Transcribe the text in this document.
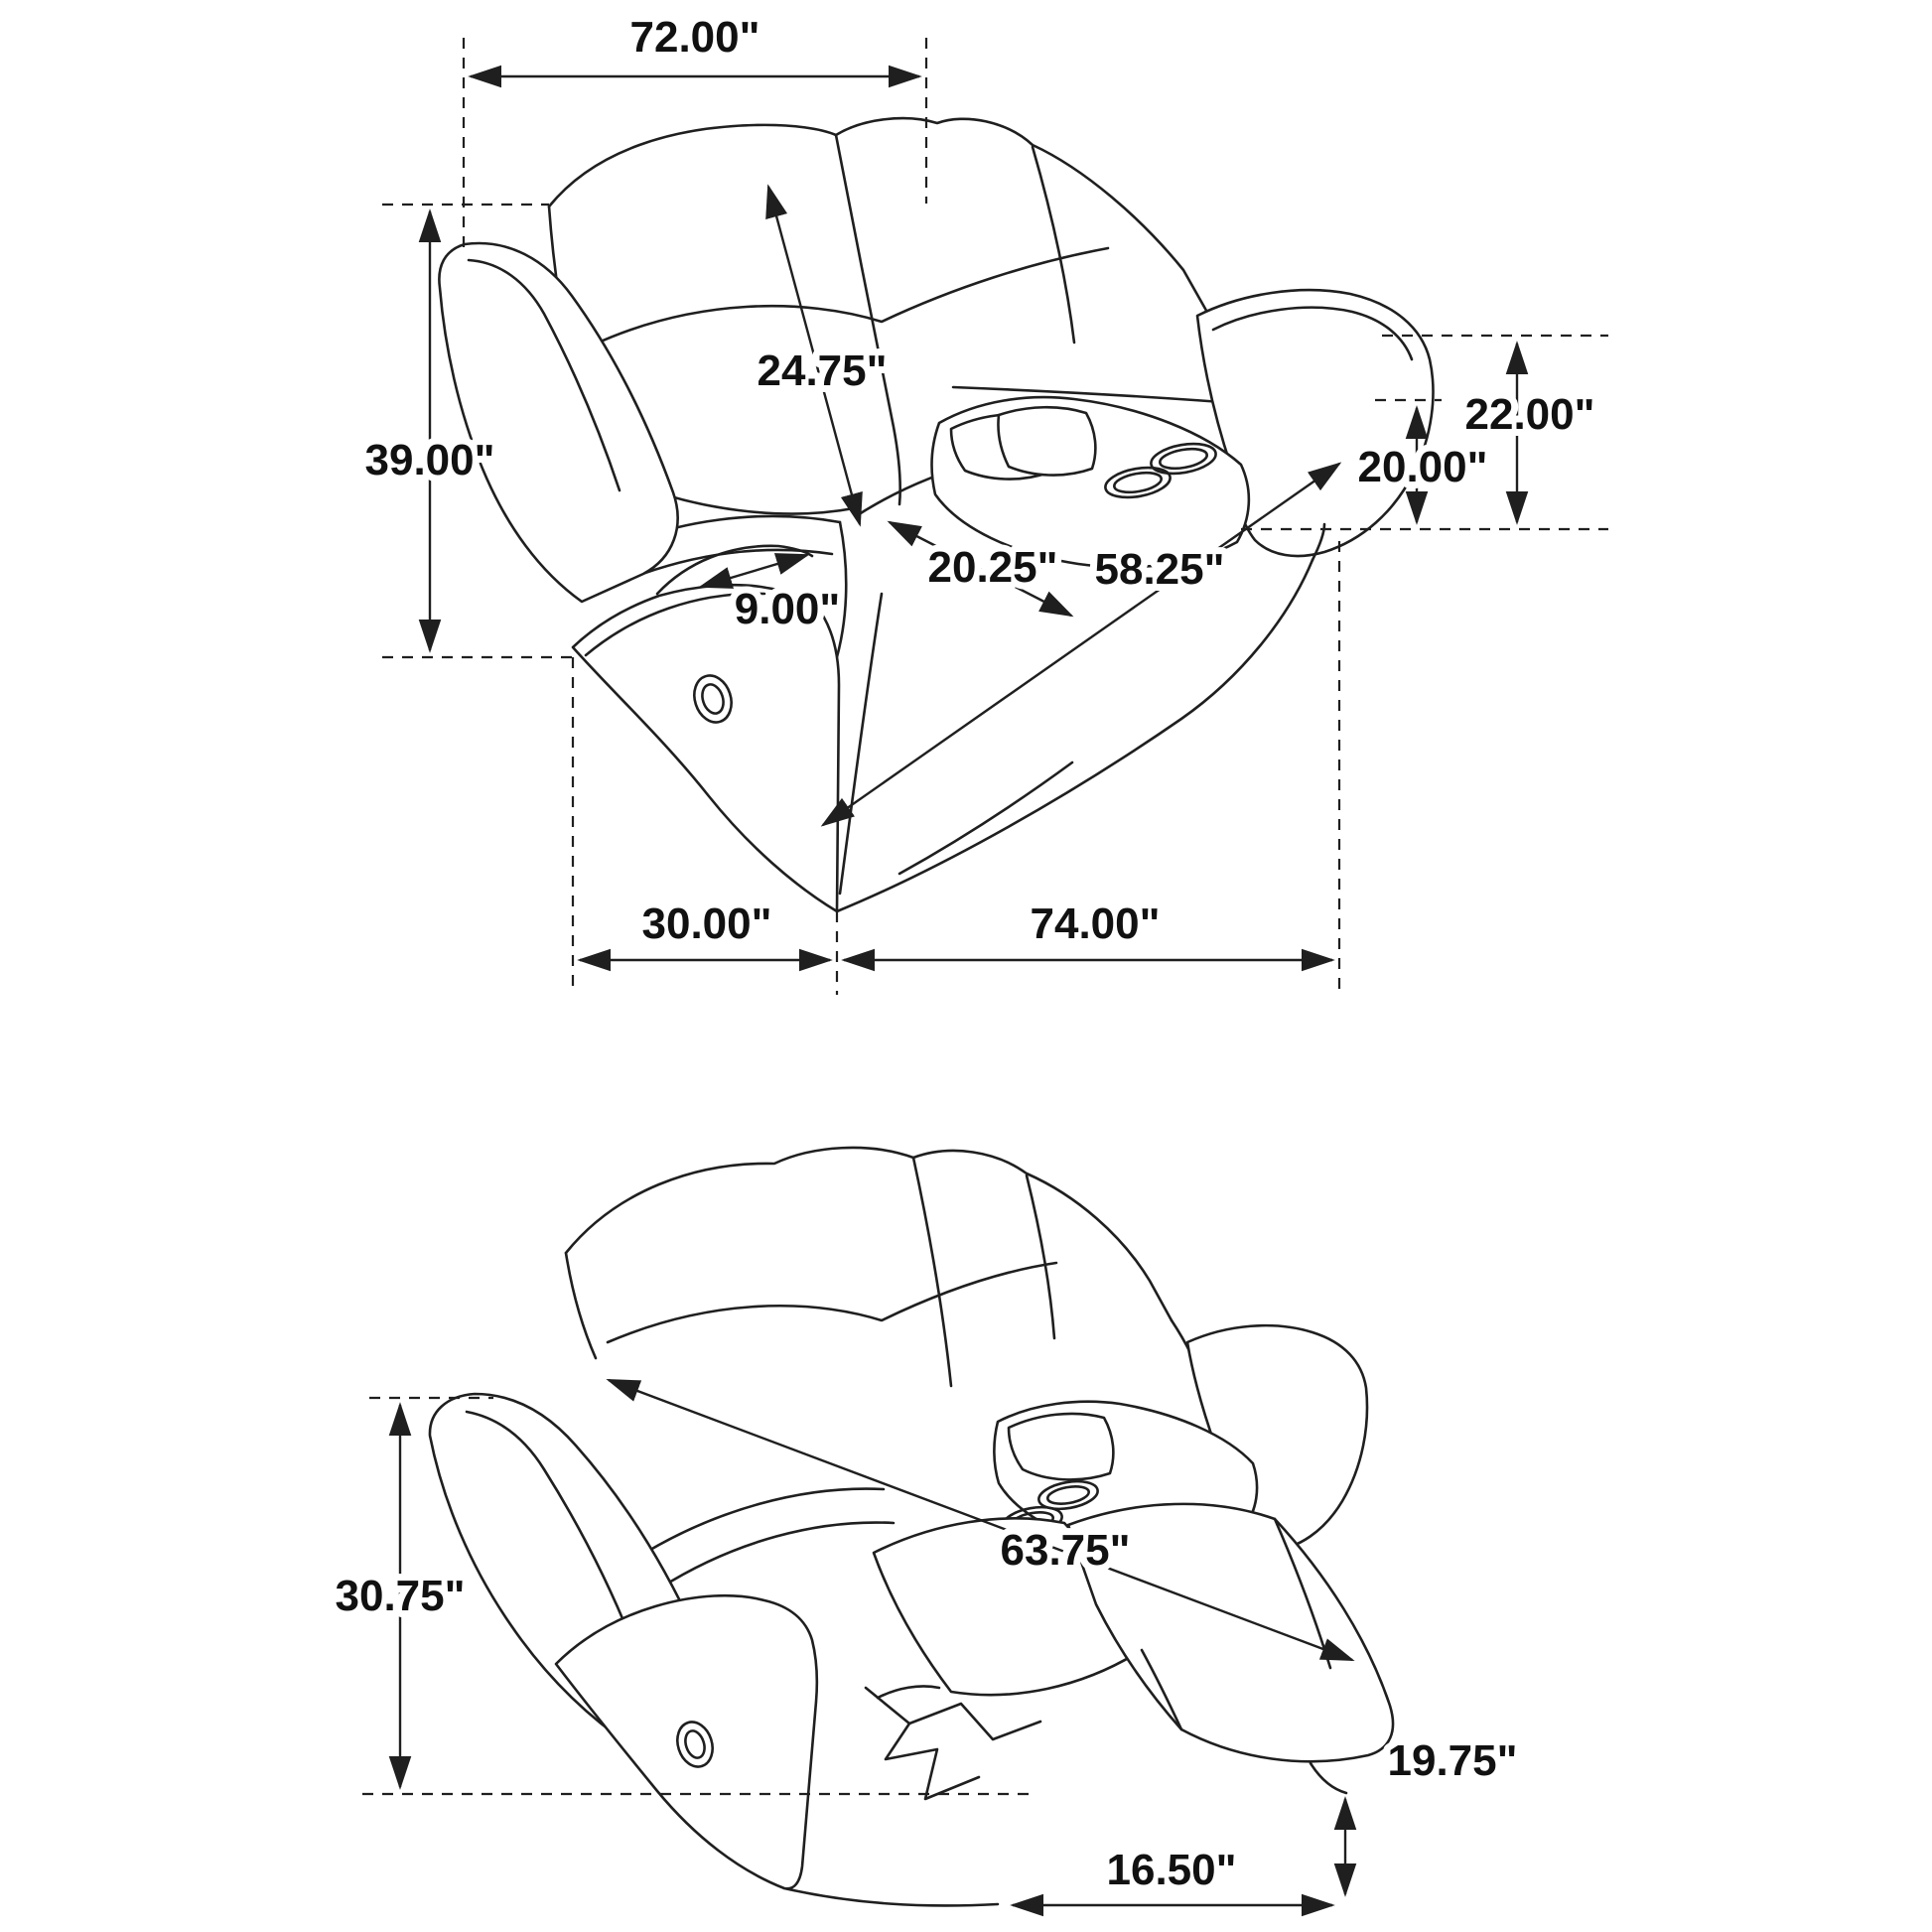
72.00"
39.00"
24.75"
9.00"
20.25" 58.25"
22.00"
20.00"
30.00"	74.00"
30.75"
63.75"
19.75"
16.50"
